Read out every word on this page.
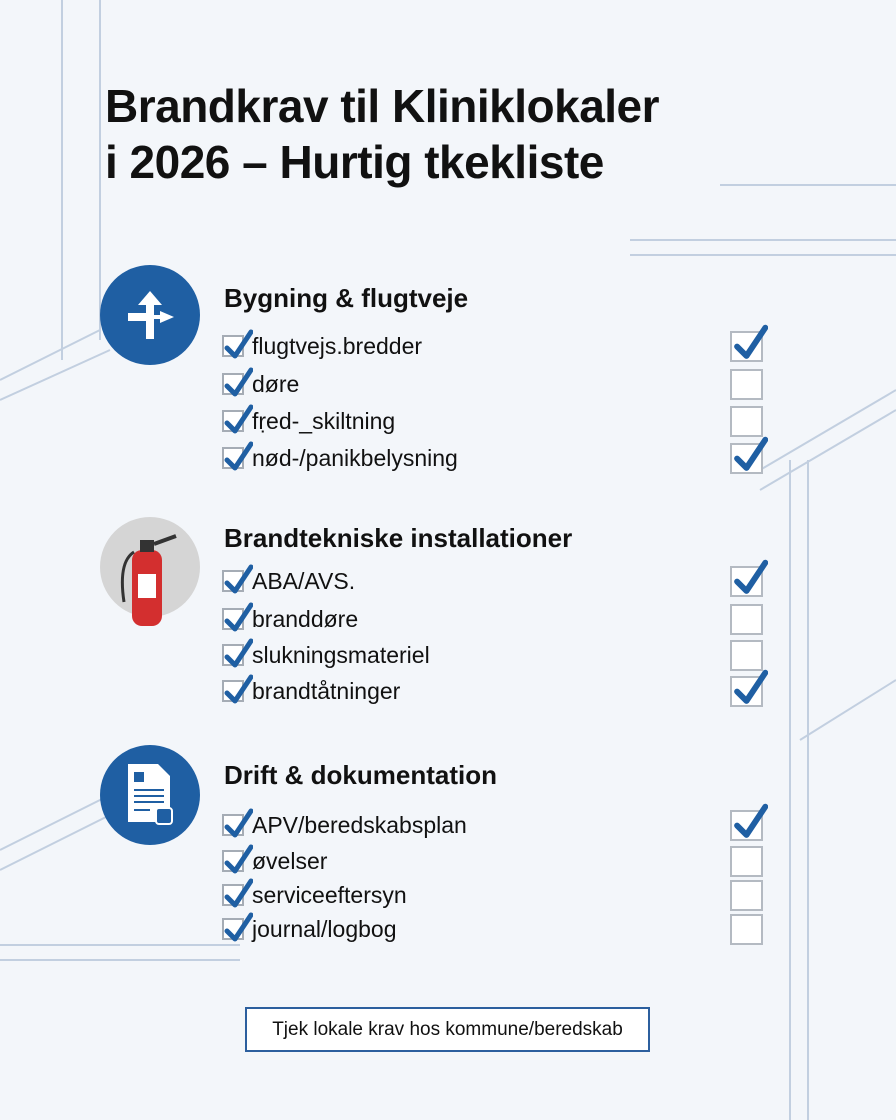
Brandkrav til Kliniklokaler
i 2026 – Hurtig tkekliste
Bygning & flugtveje
flugtvejs.bredder
døre
fṛed-_skiltning
nød-/panikbelysning
Brandtekniske installationer
ABA/AVS.
branddøre
slukningsmateriel
brandtåtninger
Drift & dokumentation
APV/beredskabsplan
øvelser
serviceeftersyn
journal/logbog
Tjek lokale krav hos kommune/beredskab
